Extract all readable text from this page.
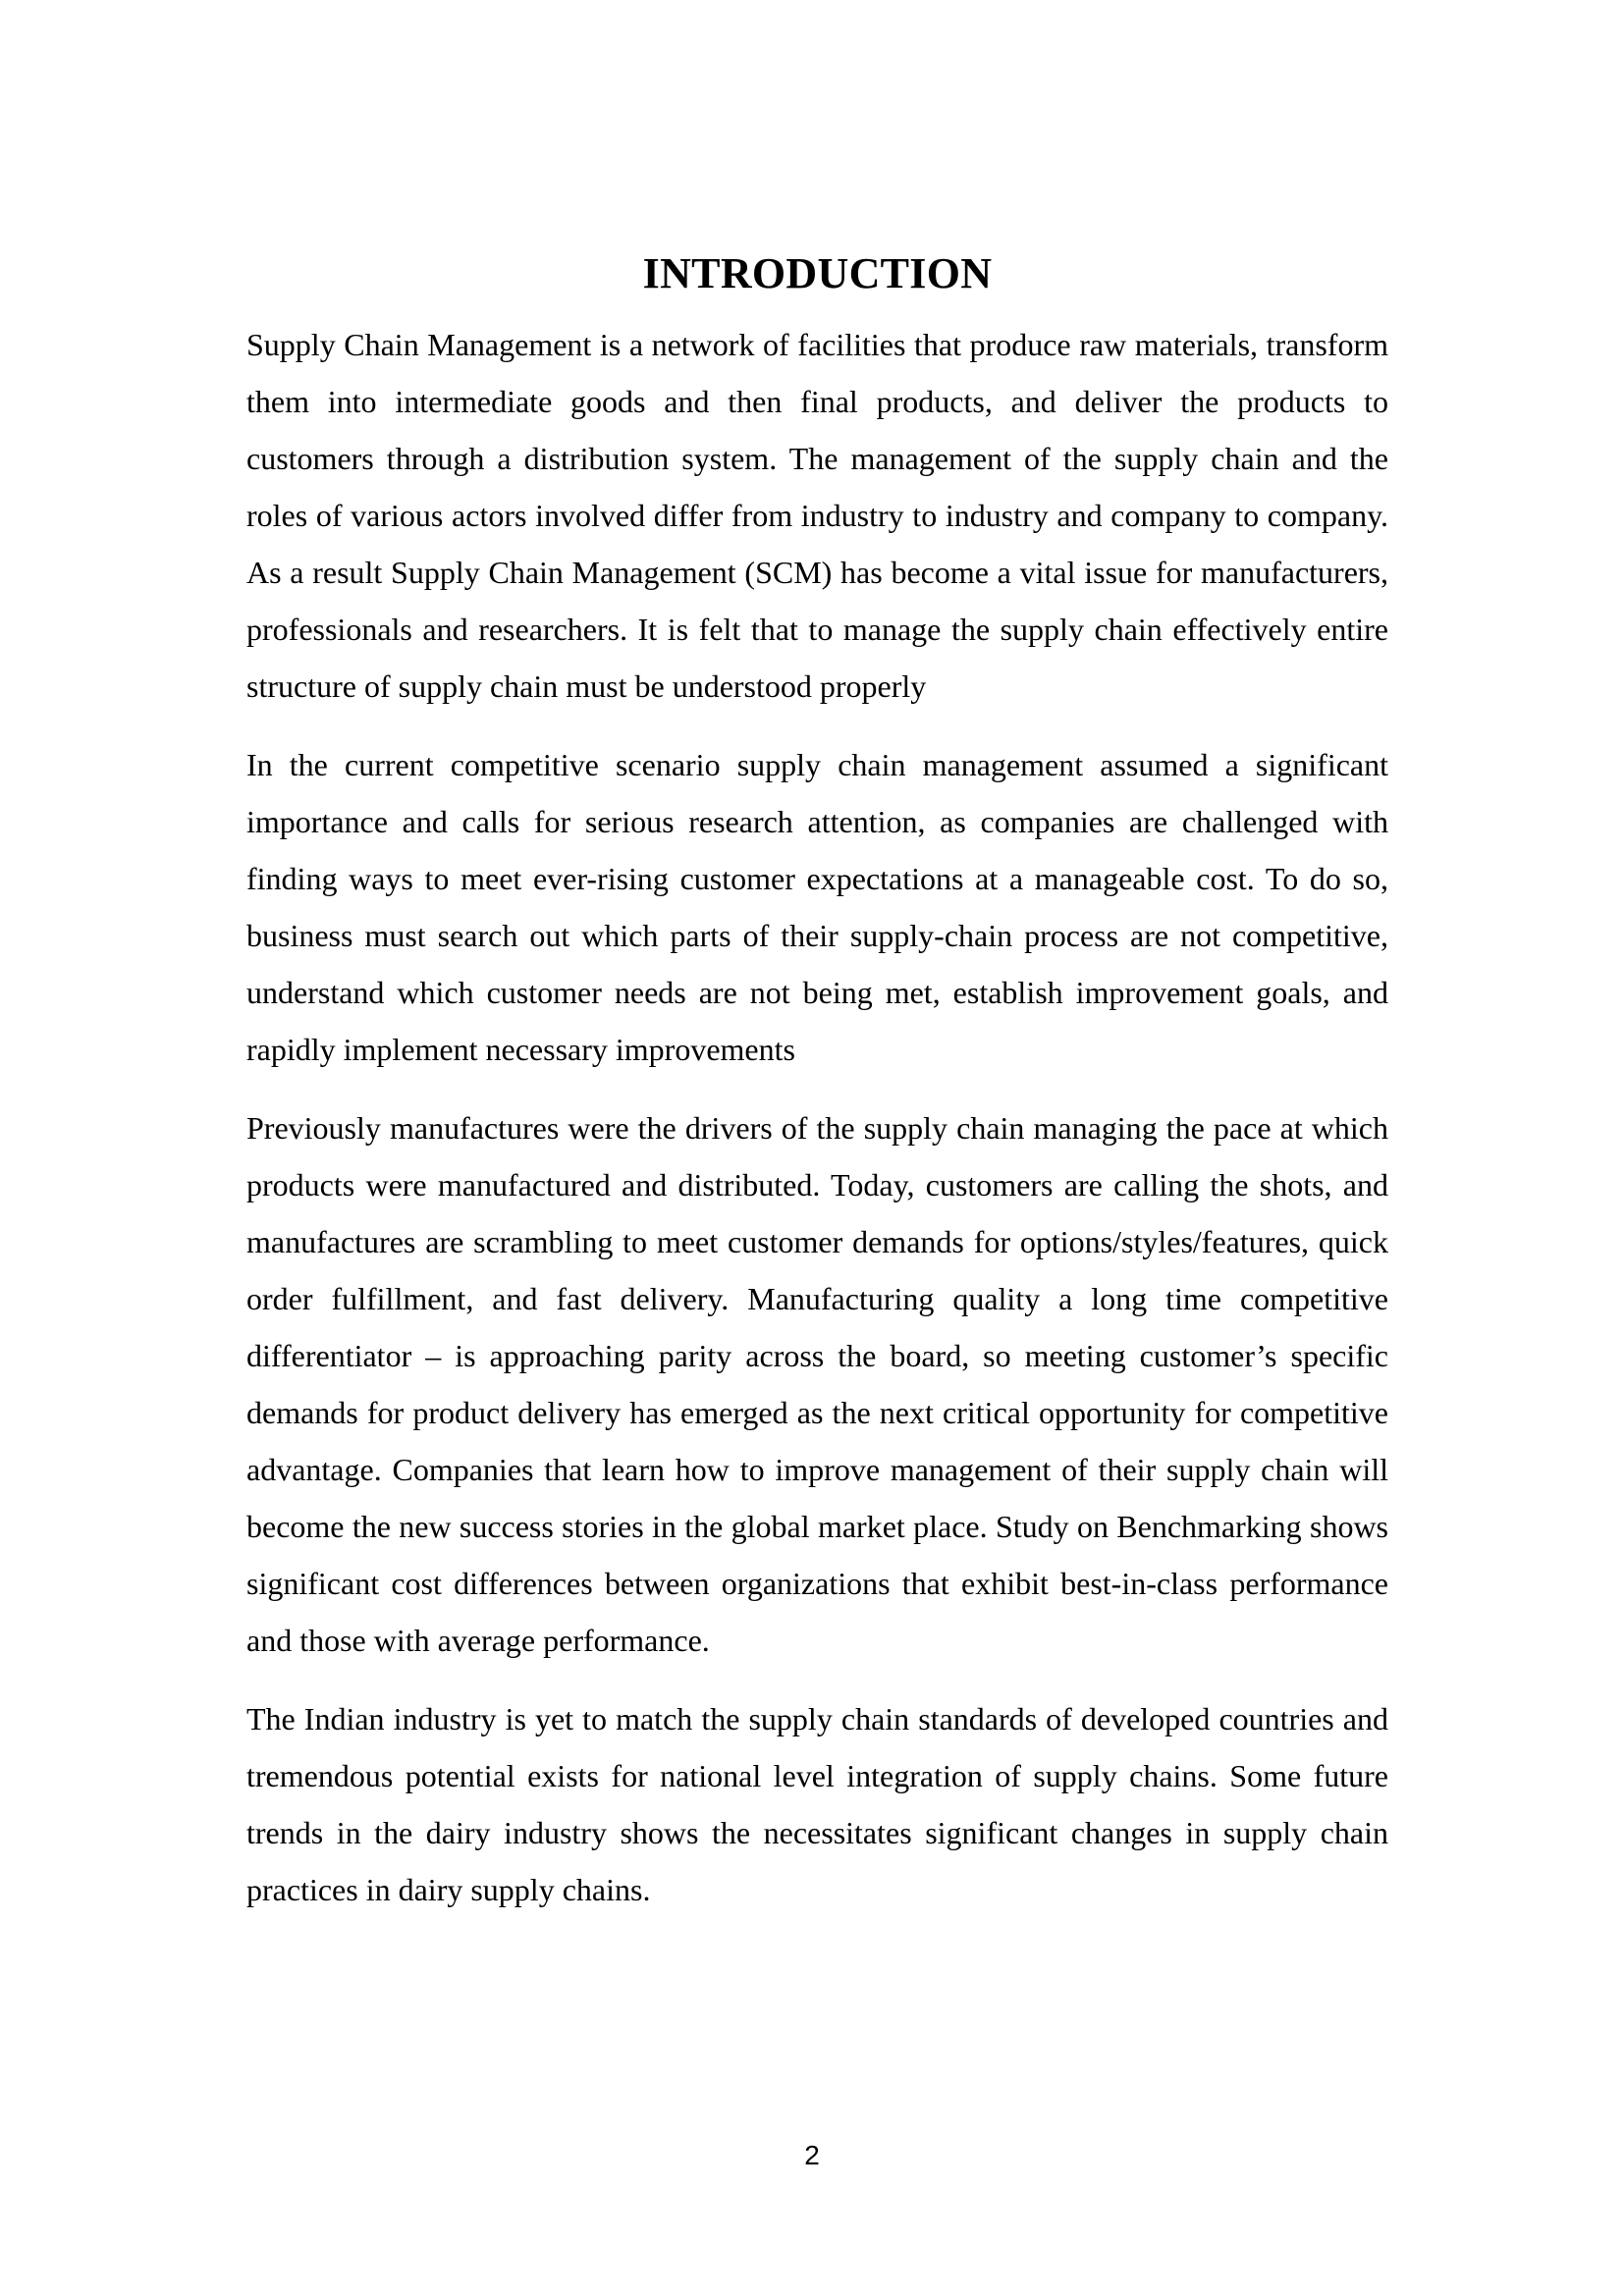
INTRODUCTION

Supply Chain Management is a network of facilities that produce raw materials, transform them into intermediate goods and then final products, and deliver the products to customers through a distribution system. The management of the supply chain and the roles of various actors involved differ from industry to industry and company to company. As a result Supply Chain Management (SCM) has become a vital issue for manufacturers, professionals and researchers. It is felt that to manage the supply chain effectively entire structure of supply chain must be understood properly

In the current competitive scenario supply chain management assumed a significant importance and calls for serious research attention, as companies are challenged with finding ways to meet ever-rising customer expectations at a manageable cost. To do so, business must search out which parts of their supply-chain process are not competitive, understand which customer needs are not being met, establish improvement goals, and rapidly implement necessary improvements

Previously manufactures were the drivers of the supply chain managing the pace at which products were manufactured and distributed. Today, customers are calling the shots, and manufactures are scrambling to meet customer demands for options/styles/features, quick order fulfillment, and fast delivery. Manufacturing quality a long time competitive differentiator – is approaching parity across the board, so meeting customer’s specific demands for product delivery has emerged as the next critical opportunity for competitive advantage. Companies that learn how to improve management of their supply chain will become the new success stories in the global market place. Study on Benchmarking shows significant cost differences between organizations that exhibit best-in-class performance and those with average performance.

The Indian industry is yet to match the supply chain standards of developed countries and tremendous potential exists for national level integration of supply chains. Some future trends in the dairy industry shows the necessitates significant changes in supply chain practices in dairy supply chains.

2
